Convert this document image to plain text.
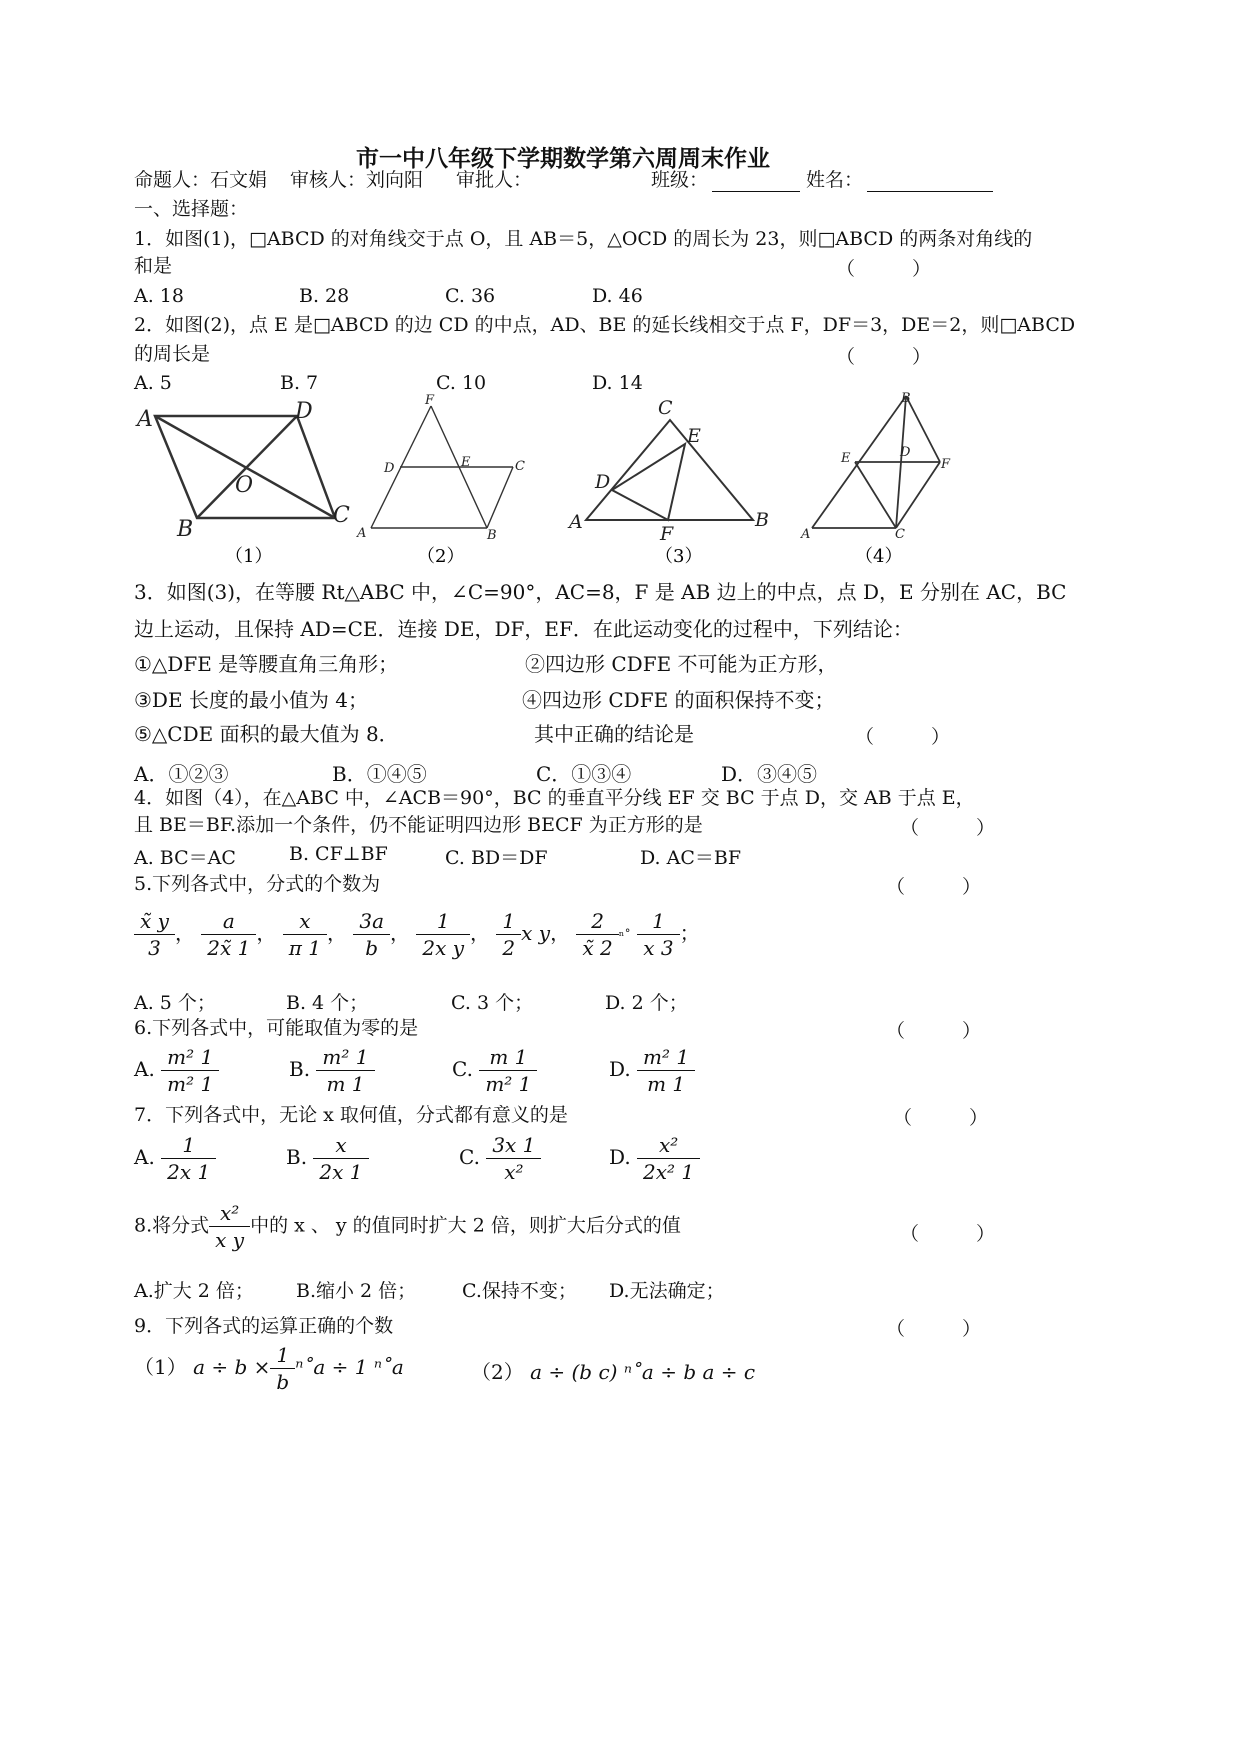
市一中八年级下学期数学第六周周末作业
命题人：石文娟 审核人：刘向阳 审批人：	班级：	姓名：
一、选择题：
1．如图(1)，□ABCD 的对角线交于点 O，且 AB＝5，△OCD 的周长为 23，则□ABCD 的两条对角线的
和是	（　　　）
A. 18	B. 28	C. 36	D. 46
2．如图(2)，点 E 是□ABCD 的边 CD 的中点，AD、BE 的延长线相交于点 F，DF＝3，DE＝2，则□ABCD
的周长是	（　　　）
A. 5	B. 7	C. 10	D. 14
A	D
O
B
C
（1）
F
D	E	C
A	B
（2）
C
E
D
A	B
F
（3）
B
E	D
F
A	C
（4）
3．如图(3)，在等腰 Rt△ABC 中，∠C=90°，AC=8，F 是 AB 边上的中点，点 D，E 分别在 AC，BC
边上运动，且保持 AD=CE．连接 DE，DF，EF．在此运动变化的过程中，下列结论：
①△DFE 是等腰直角三角形；	②四边形 CDFE 不可能为正方形，
③DE 长度的最小值为 4；	④四边形 CDFE 的面积保持不变；
⑤△CDE 面积的最大值为 8．	其中正确的结论是	（　　　）
A．①②③	B．①④⑤	C．①③④	D．③④⑤
4．如图（4），在△ABC 中，∠ACB＝90°，BC 的垂直平分线 EF 交 BC 于点 D，交 AB 于点 E，
且 BE＝BF.添加一个条件，仍不能证明四边形 BECF 为正方形的是	（　　　）
A. BC＝AC	B. CF⊥BF	C. BD＝DF	D. AC＝BF
5.下列各式中，分式的个数为	（　　　）
$\frac{x̃ y}{3}$ ， $\frac{a}{2x̃ 1}$ ， $\frac{x}{\pi 1}$ ， $\frac{3a}{b}$ ， $\frac{1}{\text{2x y}}$ ， $\frac{1}{2}$ x y， $\frac{2}{x̃ 2}$ ⁿ˚ $\frac{1}{x 3}$ ；
A. 5 个；	B. 4 个；	C. 3 个；	D. 2 个；
6.下列各式中，可能取值为零的是	（　　　）
A. $\frac{\text{m² 1}}{\text{m² 1}}$	B. $\frac{\text{m² 1}}{m 1}$	C. $\frac{m 1}{\text{m² 1}}$	D. $\frac{\text{m² 1}}{m 1}$
7．下列各式中，无论 x 取何值，分式都有意义的是	（　　　）
A. $\frac{1}{2x 1}$	B. $\frac{x}{2x 1}$	C. $\frac{3x 1}{\text{x²}}$	D. $\frac{\text{x²}}{\text{2x² 1}}$
8.将分式 $\frac{\text{x²}}{\text{x y}}$ 中的 x 、 y 的值同时扩大 2 倍，则扩大后分式的值	（　　　）
A.扩大 2 倍； B.缩小 2 倍； C.保持不变； D.无法确定；
9．下列各式的运算正确的个数	（　　　）
（1） $a \div b \times \frac{1}{b}$ ⁿ˚a ÷ 1 ⁿ˚a	（2） a ÷ (b c) ⁿ˚a ÷ b a ÷ c
